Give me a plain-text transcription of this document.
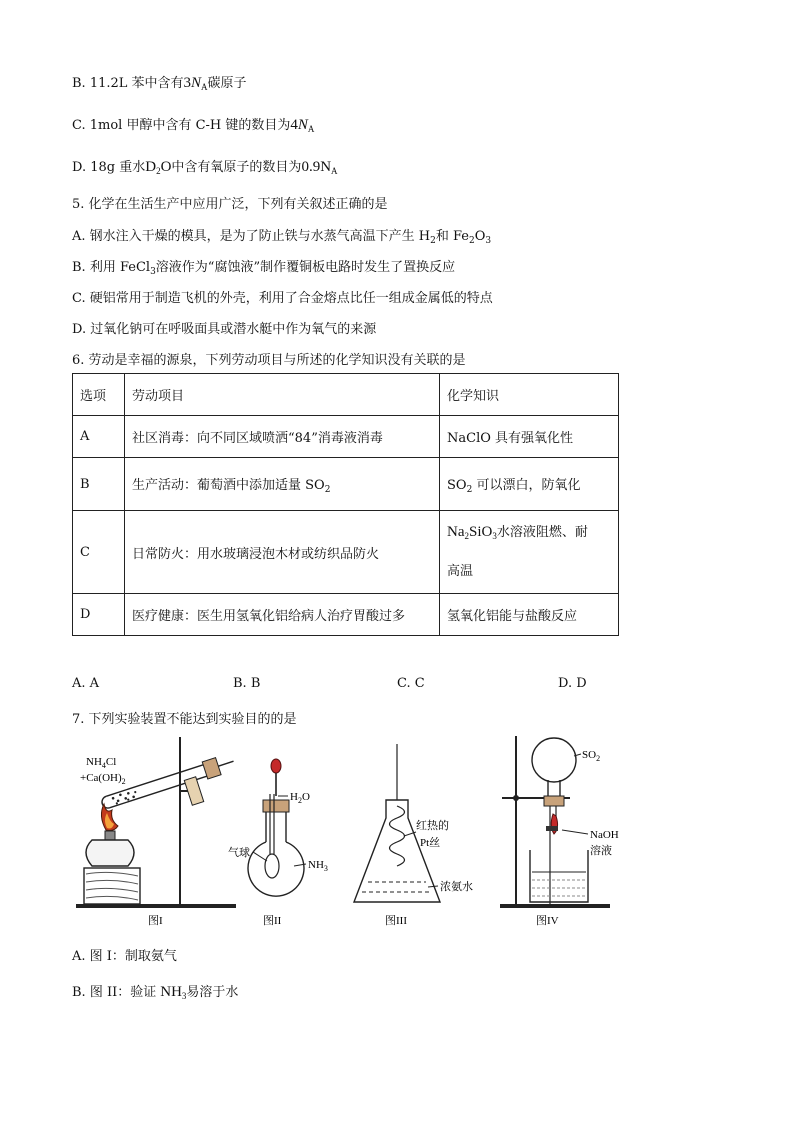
B. 11.2L 苯中含有$3N_A$碳原子
C. 1mol 甲醇中含有 C-H 键的数目为$4N_A$
D. 18g 重水$D_2O$中含有氧原子的数目为$0.9N_A$
5. 化学在生活生产中应用广泛，下列有关叙述正确的是
A. 钢水注入干燥的模具，是为了防止铁与水蒸气高温下产生 $H_2$和 $Fe_2O_3$
B. 利用 FeCl$_3$溶液作为“腐蚀液”制作覆铜板电路时发生了置换反应
C. 硬铝常用于制造飞机的外壳，利用了合金熔点比任一组成金属低的特点
D. 过氧化钠可在呼吸面具或潜水艇中作为氧气的来源
6. 劳动是幸福的源泉，下列劳动项目与所述的化学知识没有关联的是
选项	劳动项目	化学知识
A	社区消毒：向不同区域喷洒“84”消毒液消毒	NaClO 具有强氧化性
B	生产活动：葡萄酒中添加适量 $SO_2$	$SO_2$ 可以漂白，防氧化
C	日常防火：用水玻璃浸泡木材或纺织品防火	$Na_2SiO_3$水溶液阻燃、耐
高温
D	医疗健康：医生用氢氧化铝给病人治疗胃酸过多	氢氧化铝能与盐酸反应
A. A	B. B	C. C	D. D
7. 下列实验装置不能达到实验目的的是
$NH_4Cl$
$+Ca(OH)_2$
图I
$H_2O$
气球
$NH_3$
图II
红热的
Pt丝
浓氨水
图III
$SO_2$
NaOH
溶液
图IV
A. 图 I：制取氨气
B. 图 II：验证 $NH_3$易溶于水
